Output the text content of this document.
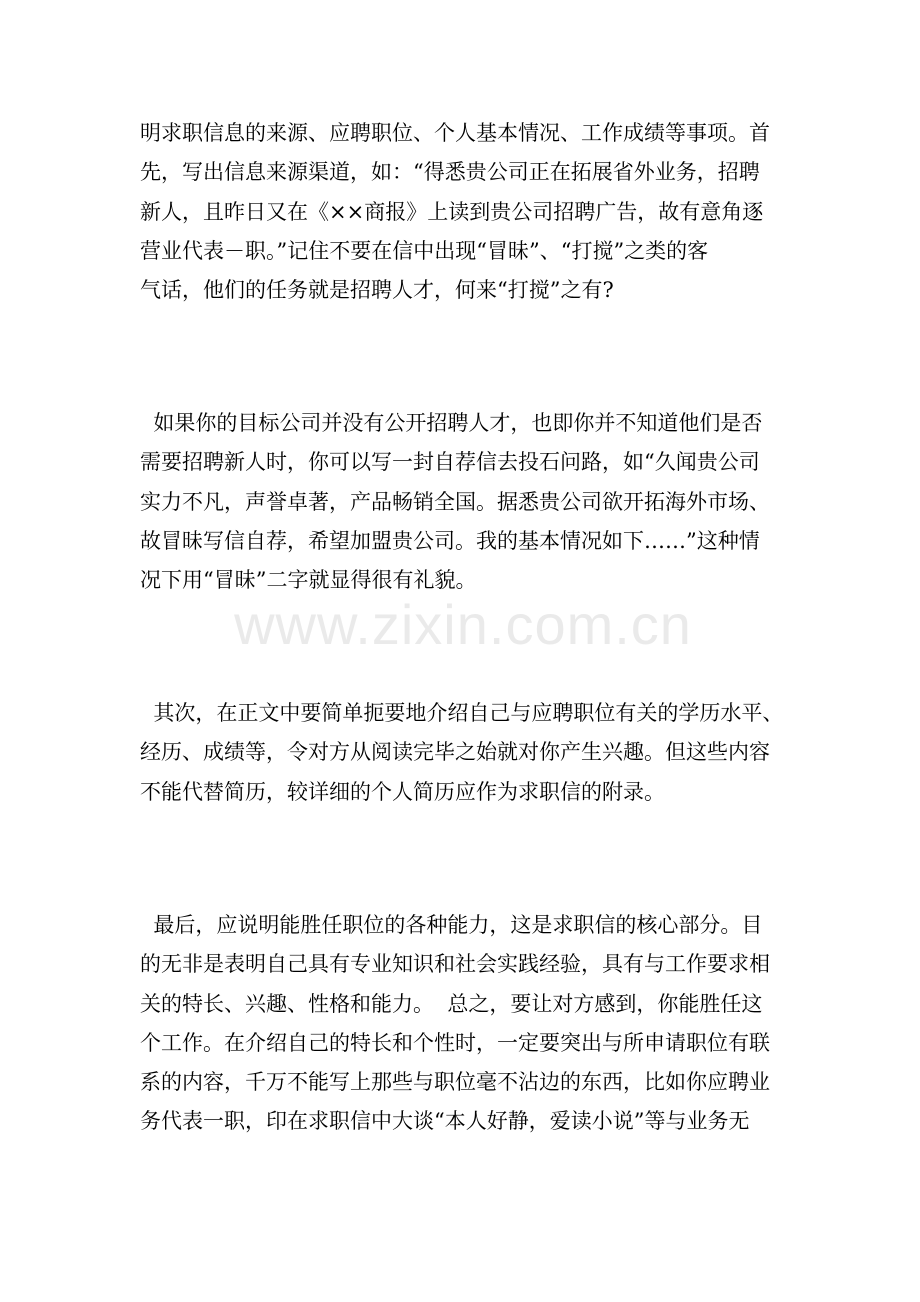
明求职信息的来源、应聘职位、个人基本情况、工作成绩等事项。首
先，写出信息来源渠道，如：“得悉贵公司正在拓展省外业务，招聘
新人，且昨日又在《××商报》上读到贵公司招聘广告，故有意角逐
营业代表－职。”记住不要在信中出现“冒昧”、“打搅”之类的客
气话，他们的任务就是招聘人才，何来“打搅”之有?
如果你的目标公司并没有公开招聘人才，也即你并不知道他们是否
需要招聘新人时，你可以写一封自荐信去投石问路，如“久闻贵公司
实力不凡，声誉卓著，产品畅销全国。据悉贵公司欲开拓海外市场、
故冒昧写信自荐，希望加盟贵公司。我的基本情况如下……”这种情
况下用“冒昧”二字就显得很有礼貌。
其次，在正文中要简单扼要地介绍自己与应聘职位有关的学历水平、
经历、成绩等，令对方从阅读完毕之始就对你产生兴趣。但这些内容
不能代替简历，较详细的个人简历应作为求职信的附录。
最后，应说明能胜任职位的各种能力，这是求职信的核心部分。目
的无非是表明自己具有专业知识和社会实践经验，具有与工作要求相
关的特长、兴趣、性格和能力。  总之，要让对方感到，你能胜任这
个工作。在介绍自己的特长和个性时，一定要突出与所申请职位有联
系的内容，千万不能写上那些与职位毫不沾边的东西，比如你应聘业
务代表一职，印在求职信中大谈“本人好静，爱读小说”等与业务无
www.zixin.com.cn
